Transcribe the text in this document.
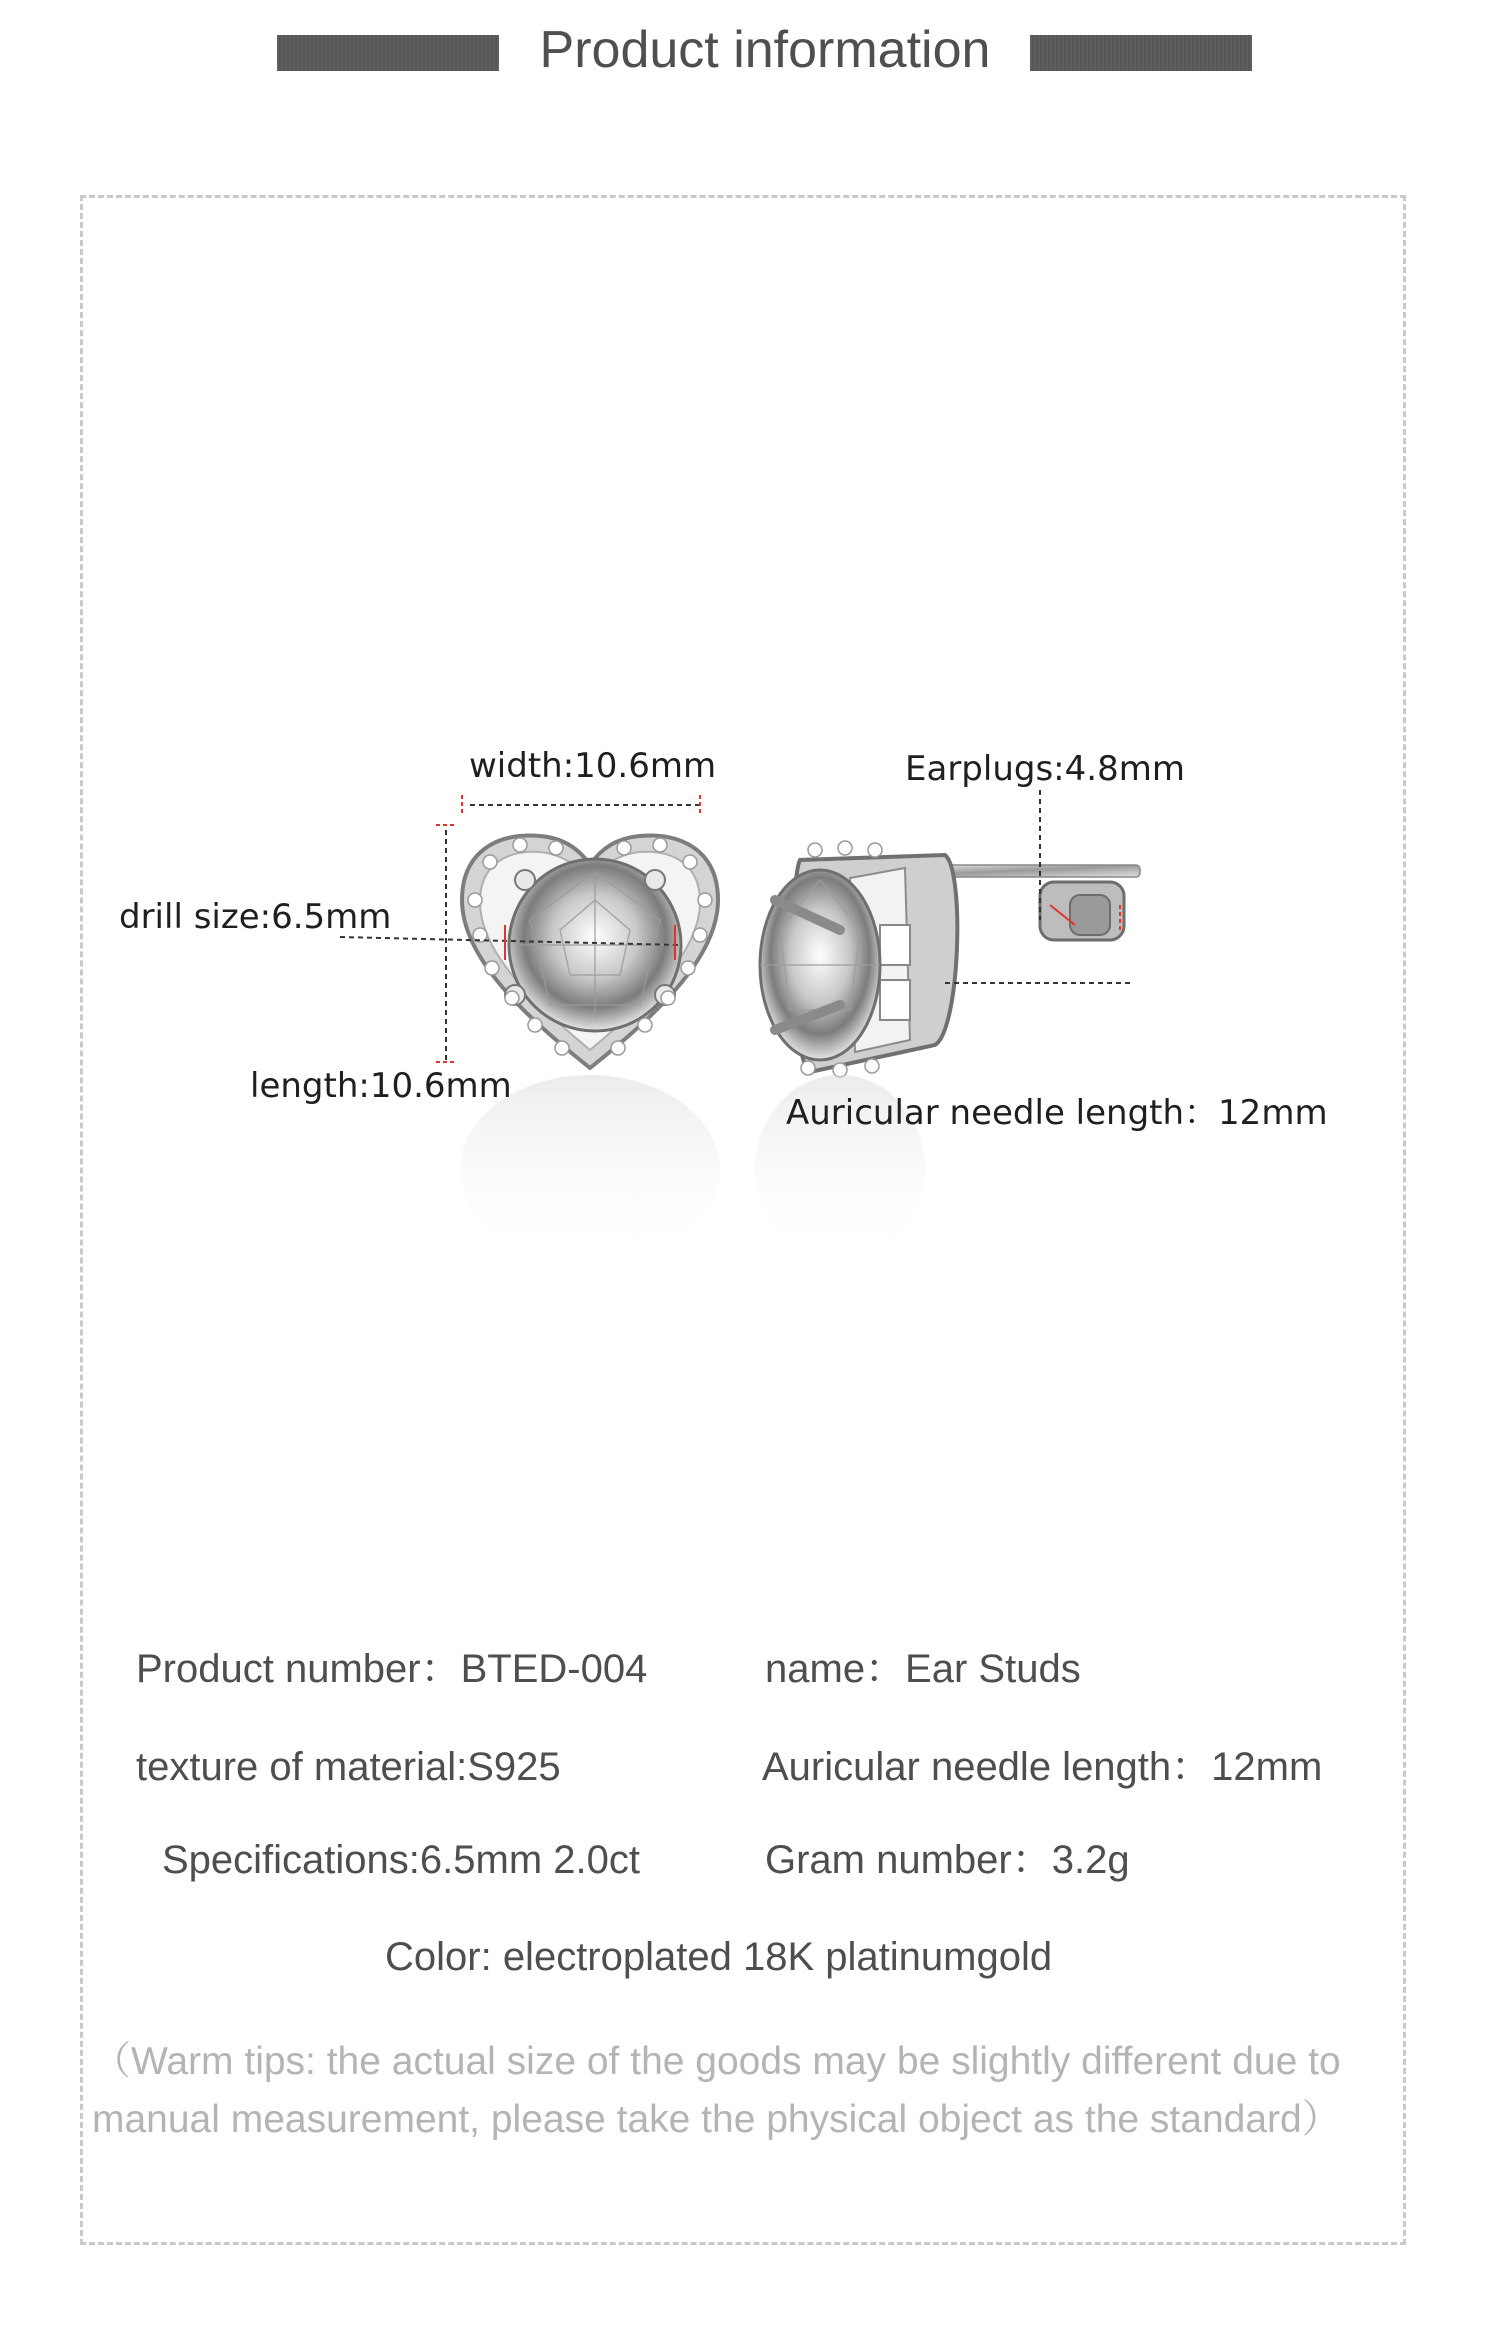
Product information
width:10.6mm
drill size:6.5mm
length:10.6mm
Earplugs:4.8mm
Auricular needle length：12mm
Product number：BTED-004	name：Ear Studs
texture of material:S925	Auricular needle length：12mm
Specifications:6.5mm 2.0ct	Gram number：3.2g
Color: electroplated 18K platinumgold
（Warm tips: the actual size of the goods may be slightly different due to
manual measurement, please take the physical object as the standard）
